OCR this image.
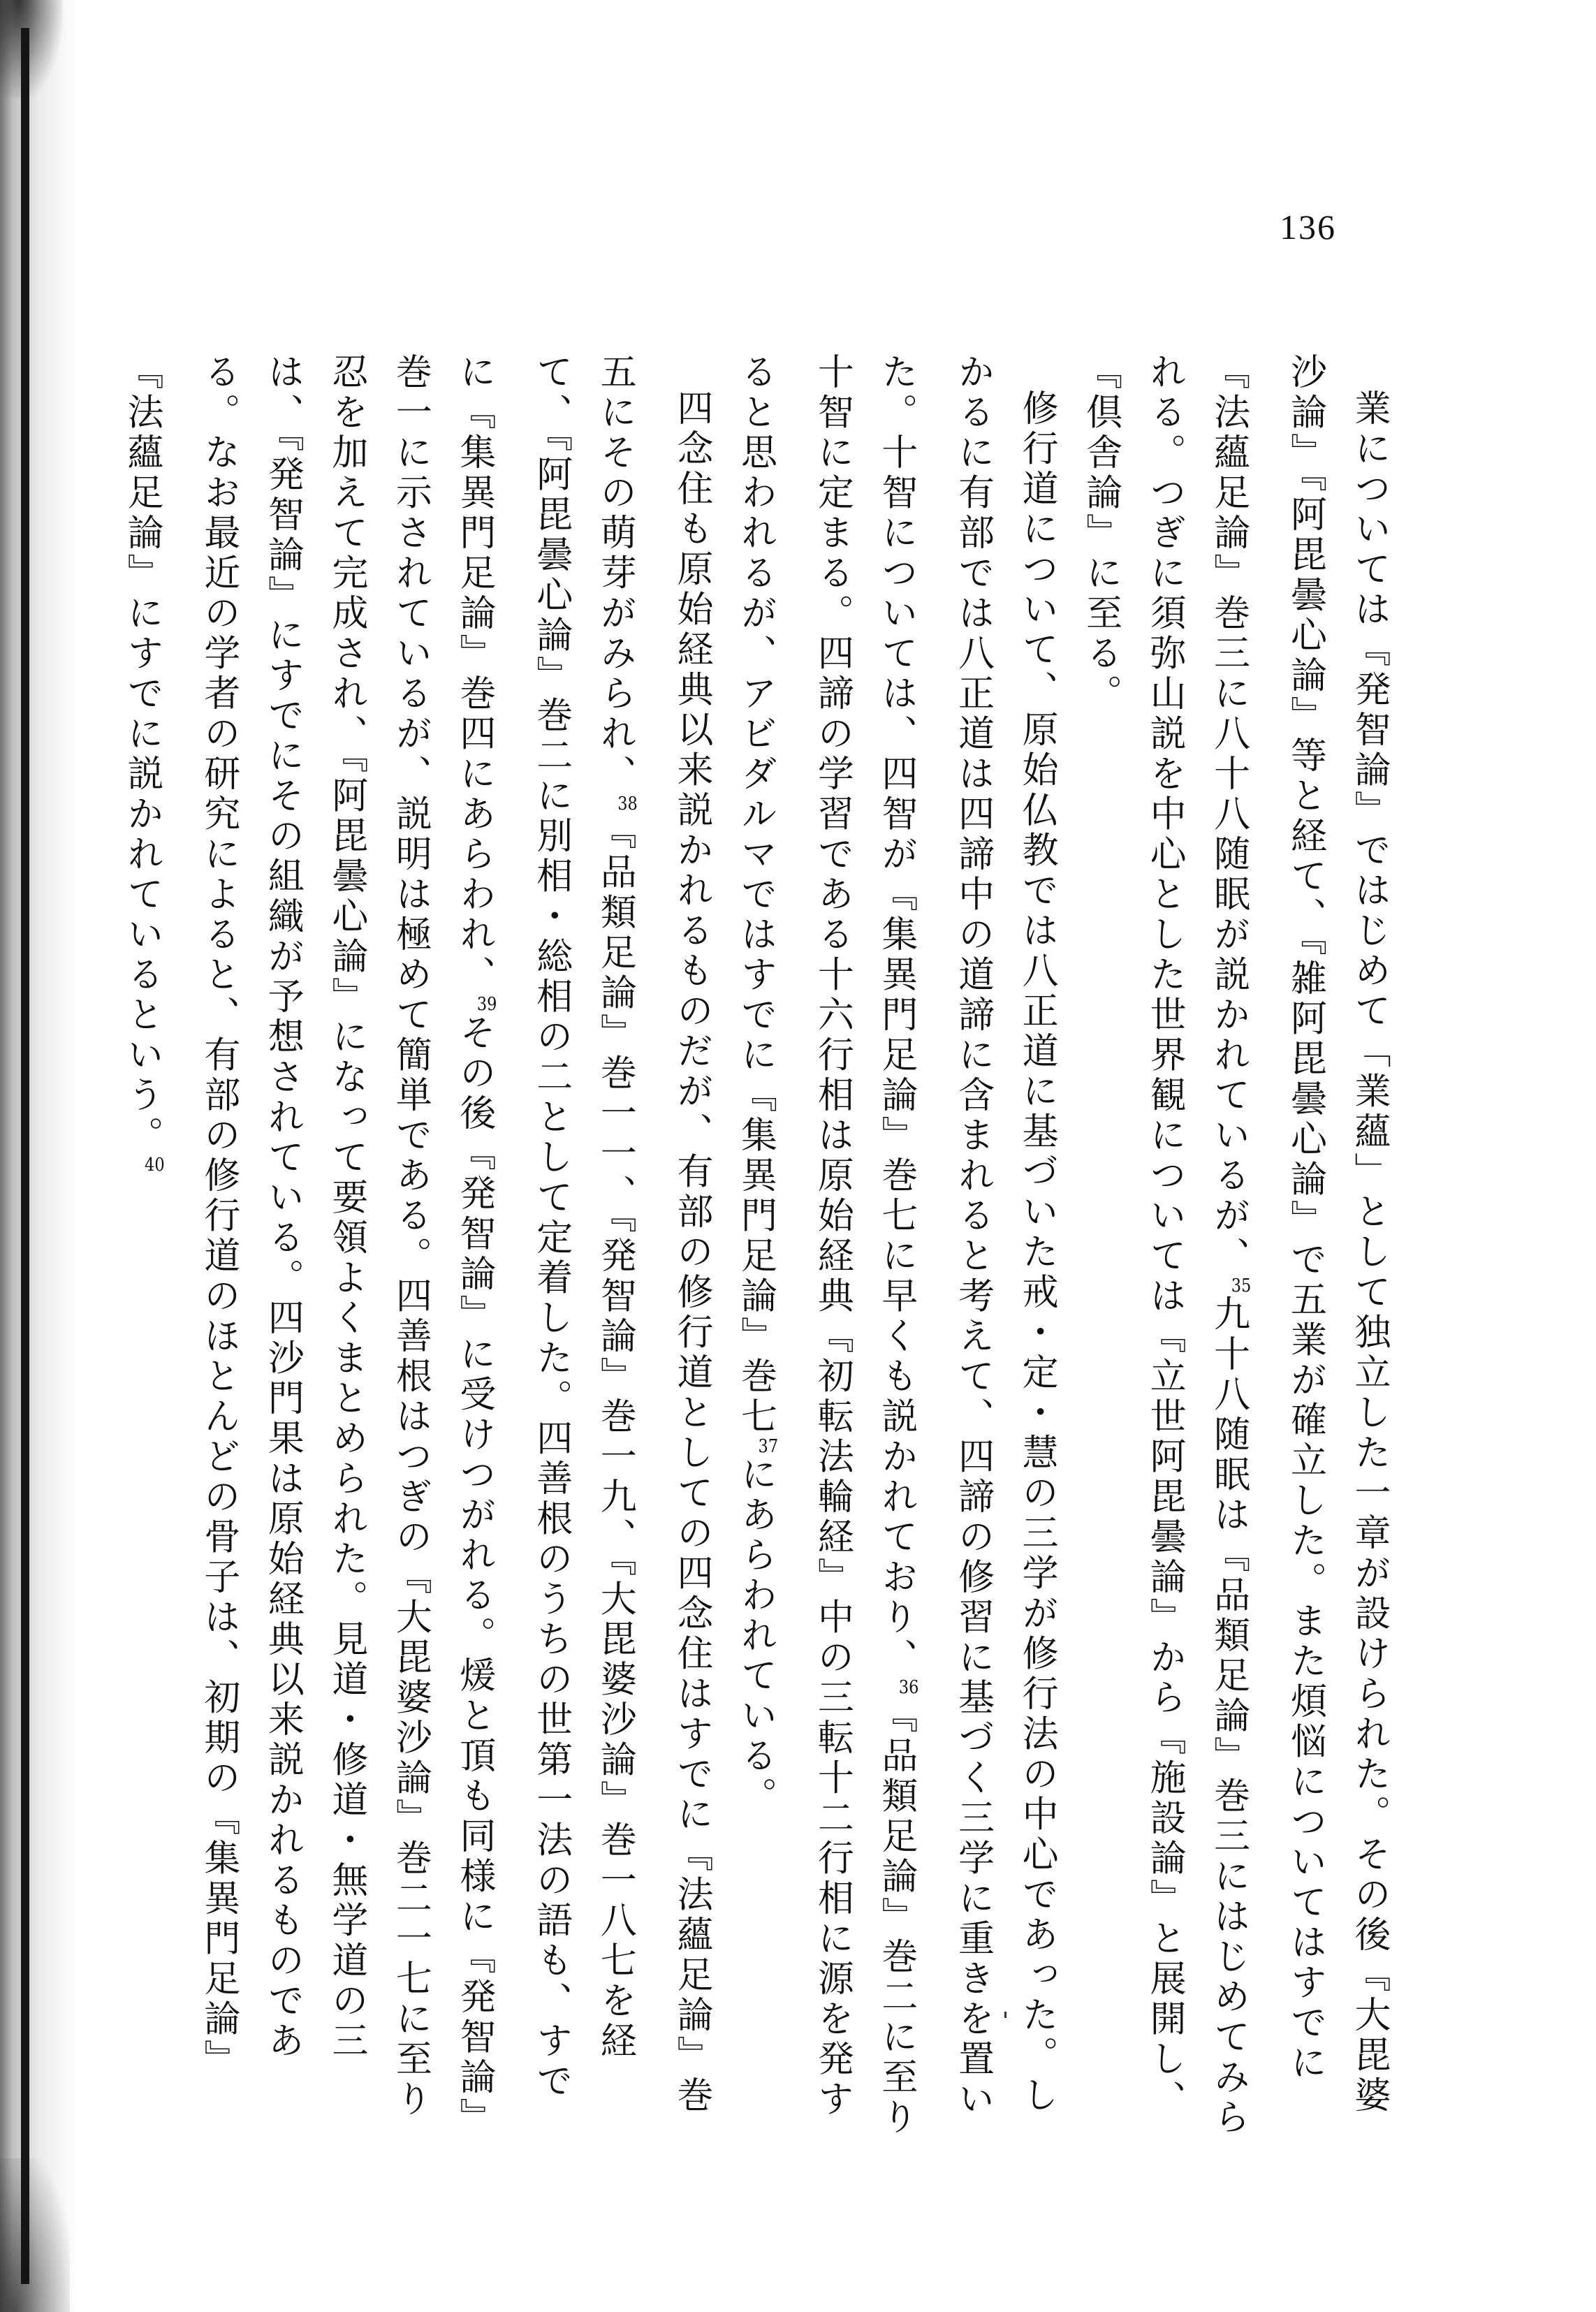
136

業については『発智論』ではじめて「業蘊」として独立した一章が設けられた。その後『大毘婆沙論』『阿毘曇心論』等と経て、『雑阿毘曇心論』で五業が確立した。また煩悩についてはすでに『法蘊足論』巻三に八十八随眠が説かれているが、$^{35}$九十八随眠は『品類足論』巻三にはじめてみられる。つぎに須弥山説を中心とした世界観については『立世阿毘曇論』から『施設論』と展開し、『倶舎論』に至る。

修行道について、原始仏教では八正道に基づいた戒・定・慧の三学が修行法の中心であった。しかるに有部では八正道は四諦中の道諦に含まれると考えて、四諦の修習に基づく三学に重きを置いた。十智については、四智が『集異門足論』巻七に早くも説かれており、$^{36}$『品類足論』巻二に至り十智に定まる。四諦の学習である十六行相は原始経典『初転法輪経』中の三転十二行相に源を発すると思われるが、アビダルマではすでに『集異門足論』巻七$^{37}$にあらわれている。

四念住も原始経典以来説かれるものだが、有部の修行道としての四念住はすでに『法蘊足論』巻五にその萌芽がみられ、$^{38}$『品類足論』巻一一、『発智論』巻一九、『大毘婆沙論』巻一八七を経て、『阿毘曇心論』巻二に別相・総相の二として定着した。四善根のうちの世第一法の語も、すでに『集異門足論』巻四にあらわれ、$^{39}$その後『発智論』に受けつがれる。煖と頂も同様に『発智論』巻一に示されているが、説明は極めて簡単である。四善根はつぎの『大毘婆沙論』巻二一七に至り忍を加えて完成され、『阿毘曇心論』になって要領よくまとめられた。見道・修道・無学道の三は、『発智論』にすでにその組織が予想されている。四沙門果は原始経典以来説かれるものである。なお最近の学者の研究によると、有部の修行道のほとんどの骨子は、初期の『集異門足論』『法蘊足論』にすでに説かれているという。$^{40}$
